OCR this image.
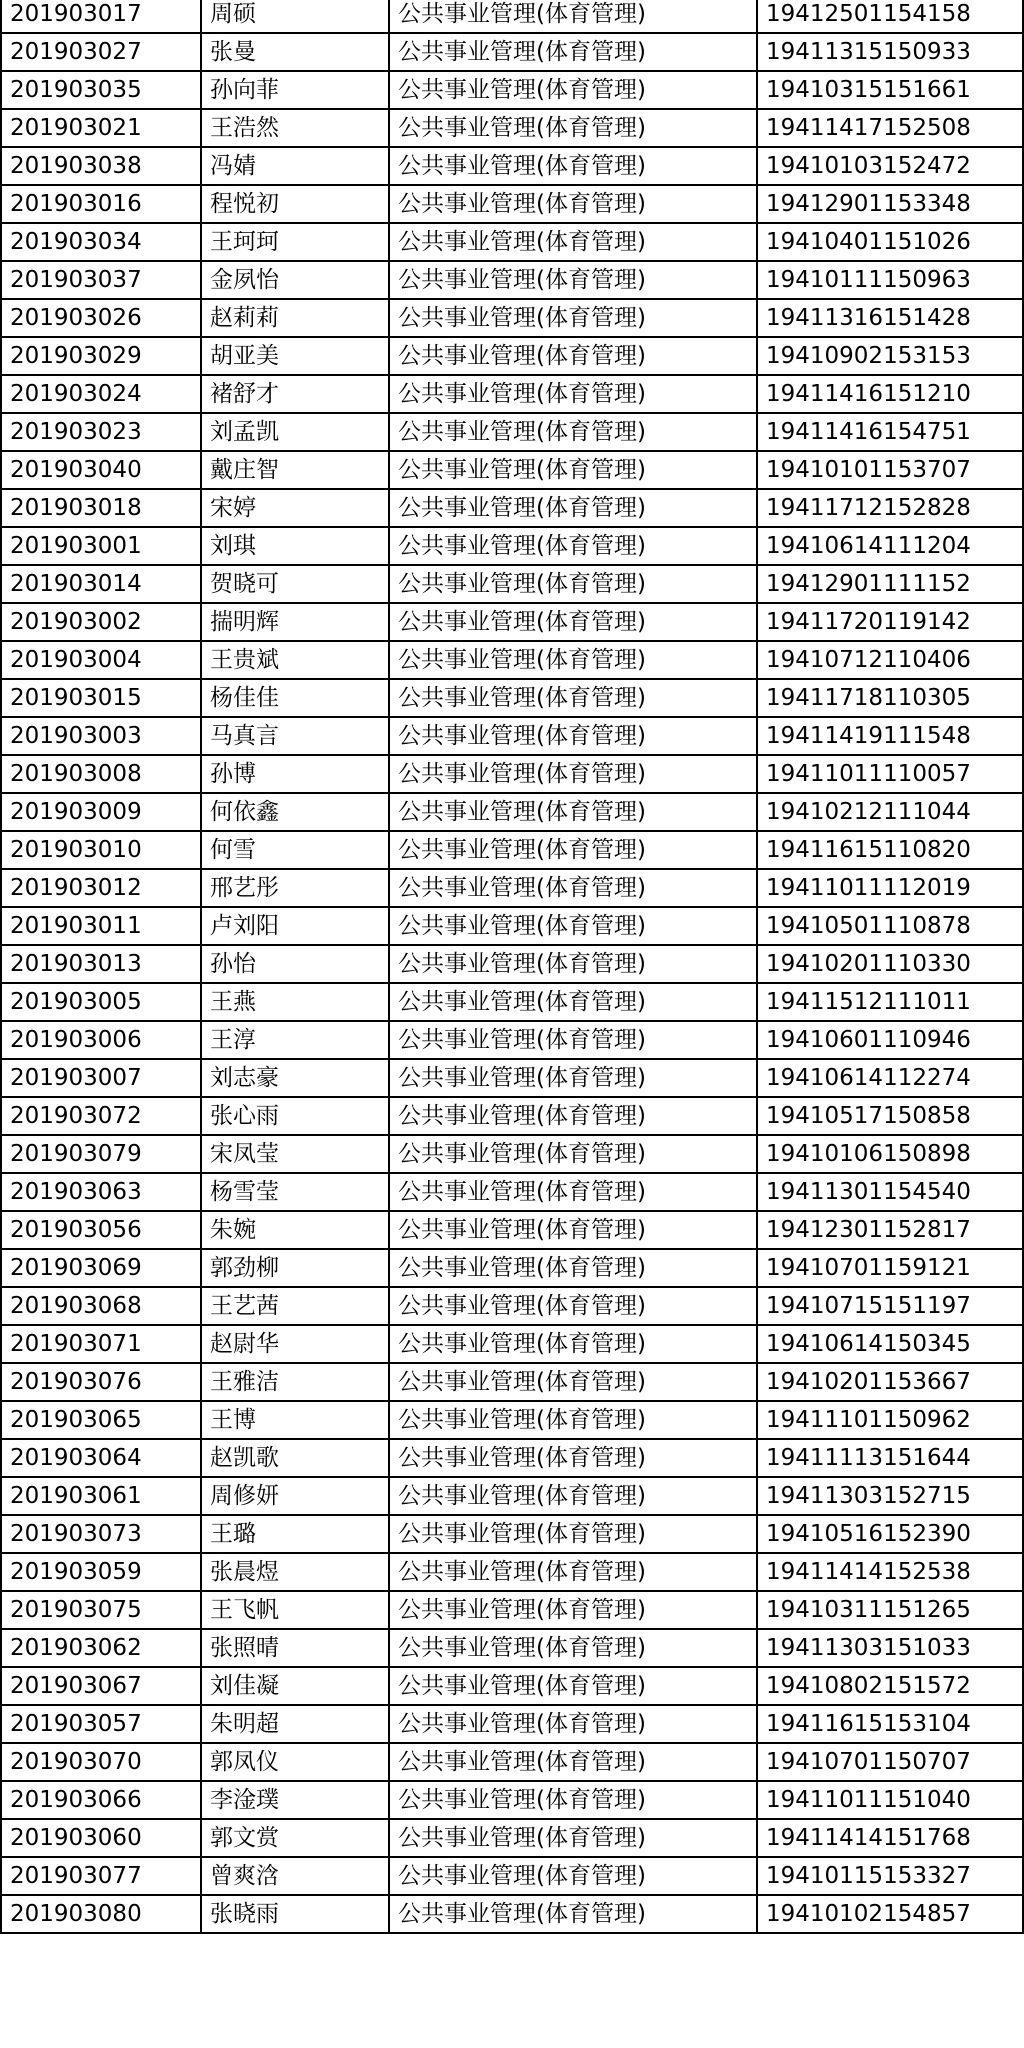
201903017	周硕	公共事业管理(体育管理)	19412501154158
201903027	张曼	公共事业管理(体育管理)	19411315150933
201903035	孙向菲	公共事业管理(体育管理)	19410315151661
201903021	王浩然	公共事业管理(体育管理)	19411417152508
201903038	冯婧	公共事业管理(体育管理)	19410103152472
201903016	程悦初	公共事业管理(体育管理)	19412901153348
201903034	王珂珂	公共事业管理(体育管理)	19410401151026
201903037	金夙怡	公共事业管理(体育管理)	19410111150963
201903026	赵莉莉	公共事业管理(体育管理)	19411316151428
201903029	胡亚美	公共事业管理(体育管理)	19410902153153
201903024	褚舒才	公共事业管理(体育管理)	19411416151210
201903023	刘孟凯	公共事业管理(体育管理)	19411416154751
201903040	戴庄智	公共事业管理(体育管理)	19410101153707
201903018	宋婷	公共事业管理(体育管理)	19411712152828
201903001	刘琪	公共事业管理(体育管理)	19410614111204
201903014	贺晓可	公共事业管理(体育管理)	19412901111152
201903002	揣明辉	公共事业管理(体育管理)	19411720119142
201903004	王贵斌	公共事业管理(体育管理)	19410712110406
201903015	杨佳佳	公共事业管理(体育管理)	19411718110305
201903003	马真言	公共事业管理(体育管理)	19411419111548
201903008	孙博	公共事业管理(体育管理)	19411011110057
201903009	何依鑫	公共事业管理(体育管理)	19410212111044
201903010	何雪	公共事业管理(体育管理)	19411615110820
201903012	邢艺彤	公共事业管理(体育管理)	19411011112019
201903011	卢刘阳	公共事业管理(体育管理)	19410501110878
201903013	孙怡	公共事业管理(体育管理)	19410201110330
201903005	王燕	公共事业管理(体育管理)	19411512111011
201903006	王淳	公共事业管理(体育管理)	19410601110946
201903007	刘志豪	公共事业管理(体育管理)	19410614112274
201903072	张心雨	公共事业管理(体育管理)	19410517150858
201903079	宋凤莹	公共事业管理(体育管理)	19410106150898
201903063	杨雪莹	公共事业管理(体育管理)	19411301154540
201903056	朱婉	公共事业管理(体育管理)	19412301152817
201903069	郭劲柳	公共事业管理(体育管理)	19410701159121
201903068	王艺茜	公共事业管理(体育管理)	19410715151197
201903071	赵尉华	公共事业管理(体育管理)	19410614150345
201903076	王雅洁	公共事业管理(体育管理)	19410201153667
201903065	王博	公共事业管理(体育管理)	19411101150962
201903064	赵凯歌	公共事业管理(体育管理)	19411113151644
201903061	周修妍	公共事业管理(体育管理)	19411303152715
201903073	王璐	公共事业管理(体育管理)	19410516152390
201903059	张晨煜	公共事业管理(体育管理)	19411414152538
201903075	王飞帆	公共事业管理(体育管理)	19410311151265
201903062	张照晴	公共事业管理(体育管理)	19411303151033
201903067	刘佳凝	公共事业管理(体育管理)	19410802151572
201903057	朱明超	公共事业管理(体育管理)	19411615153104
201903070	郭凤仪	公共事业管理(体育管理)	19410701150707
201903066	李淦璞	公共事业管理(体育管理)	19411011151040
201903060	郭文赏	公共事业管理(体育管理)	19411414151768
201903077	曾爽浛	公共事业管理(体育管理)	19410115153327
201903080	张晓雨	公共事业管理(体育管理)	19410102154857
